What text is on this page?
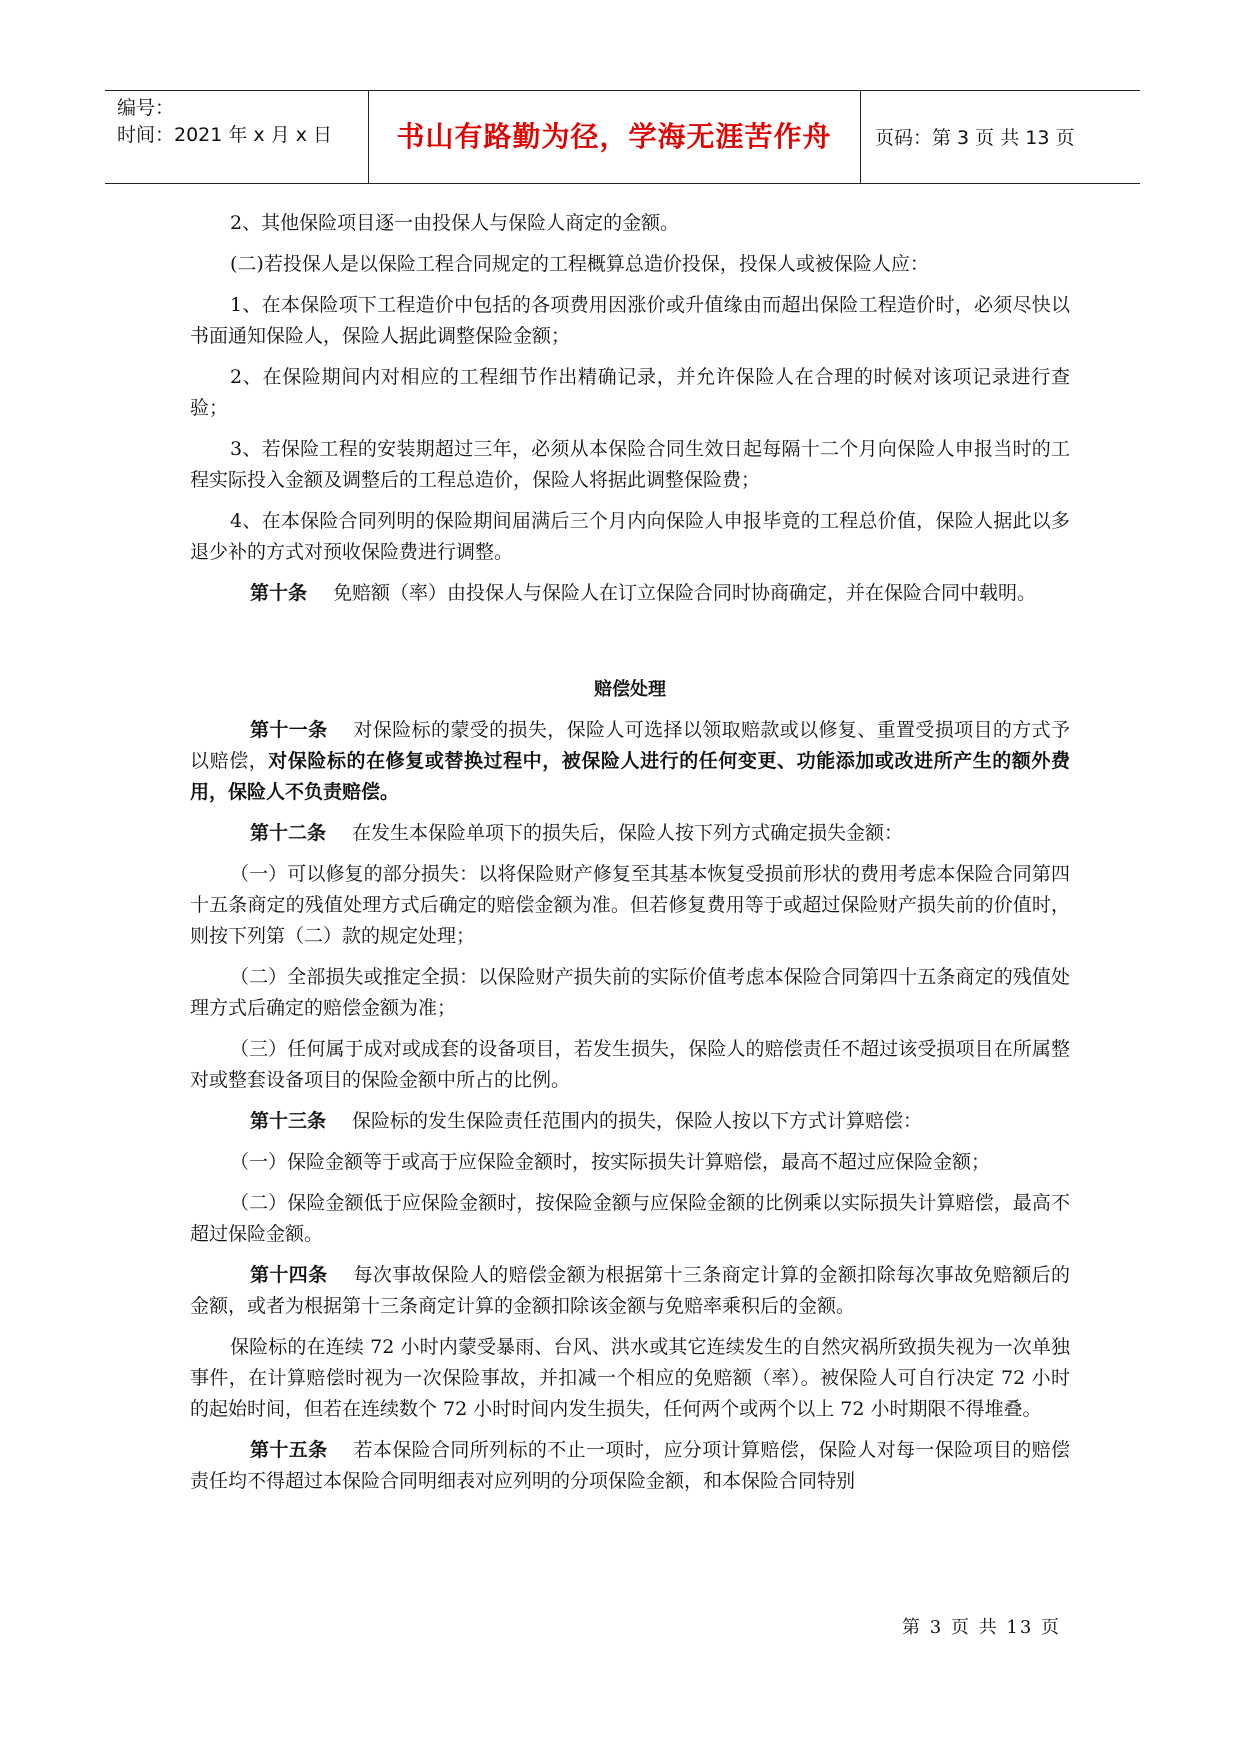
编号：
时间：2021 年 x 月 x 日	书山有路勤为径，学海无涯苦作舟	页码：第 3 页 共 13 页

2、其他保险项目逐一由投保人与保险人商定的金额。

(二)若投保人是以保险工程合同规定的工程概算总造价投保，投保人或被保险人应：

1、在本保险项下工程造价中包括的各项费用因涨价或升值缘由而超出保险工程造价时，必须尽快以书面通知保险人，保险人据此调整保险金额；

2、在保险期间内对相应的工程细节作出精确记录，并允许保险人在合理的时候对该项记录进行查验；

3、若保险工程的安装期超过三年，必须从本保险合同生效日起每隔十二个月向保险人申报当时的工程实际投入金额及调整后的工程总造价，保险人将据此调整保险费；

4、在本保险合同列明的保险期间届满后三个月内向保险人申报毕竟的工程总价值，保险人据此以多退少补的方式对预收保险费进行调整。

第十条 免赔额（率）由投保人与保险人在订立保险合同时协商确定，并在保险合同中载明。

赔偿处理

第十一条 对保险标的蒙受的损失，保险人可选择以领取赔款或以修复、重置受损项目的方式予以赔偿，对保险标的在修复或替换过程中，被保险人进行的任何变更、功能添加或改进所产生的额外费用，保险人不负责赔偿。

第十二条 在发生本保险单项下的损失后，保险人按下列方式确定损失金额：

（一）可以修复的部分损失：以将保险财产修复至其基本恢复受损前形状的费用考虑本保险合同第四十五条商定的残值处理方式后确定的赔偿金额为准。但若修复费用等于或超过保险财产损失前的价值时，则按下列第（二）款的规定处理；

（二）全部损失或推定全损：以保险财产损失前的实际价值考虑本保险合同第四十五条商定的残值处理方式后确定的赔偿金额为准；

（三）任何属于成对或成套的设备项目，若发生损失，保险人的赔偿责任不超过该受损项目在所属整对或整套设备项目的保险金额中所占的比例。

第十三条 保险标的发生保险责任范围内的损失，保险人按以下方式计算赔偿：

（一）保险金额等于或高于应保险金额时，按实际损失计算赔偿，最高不超过应保险金额；

（二）保险金额低于应保险金额时，按保险金额与应保险金额的比例乘以实际损失计算赔偿，最高不超过保险金额。

第十四条 每次事故保险人的赔偿金额为根据第十三条商定计算的金额扣除每次事故免赔额后的金额，或者为根据第十三条商定计算的金额扣除该金额与免赔率乘积后的金额。

保险标的在连续 72 小时内蒙受暴雨、台风、洪水或其它连续发生的自然灾祸所致损失视为一次单独事件，在计算赔偿时视为一次保险事故，并扣减一个相应的免赔额（率）。被保险人可自行决定 72 小时的起始时间，但若在连续数个 72 小时时间内发生损失，任何两个或两个以上 72 小时期限不得堆叠。

第十五条 若本保险合同所列标的不止一项时，应分项计算赔偿，保险人对每一保险项目的赔偿责任均不得超过本保险合同明细表对应列明的分项保险金额，和本保险合同特别

第 3 页 共 13 页
